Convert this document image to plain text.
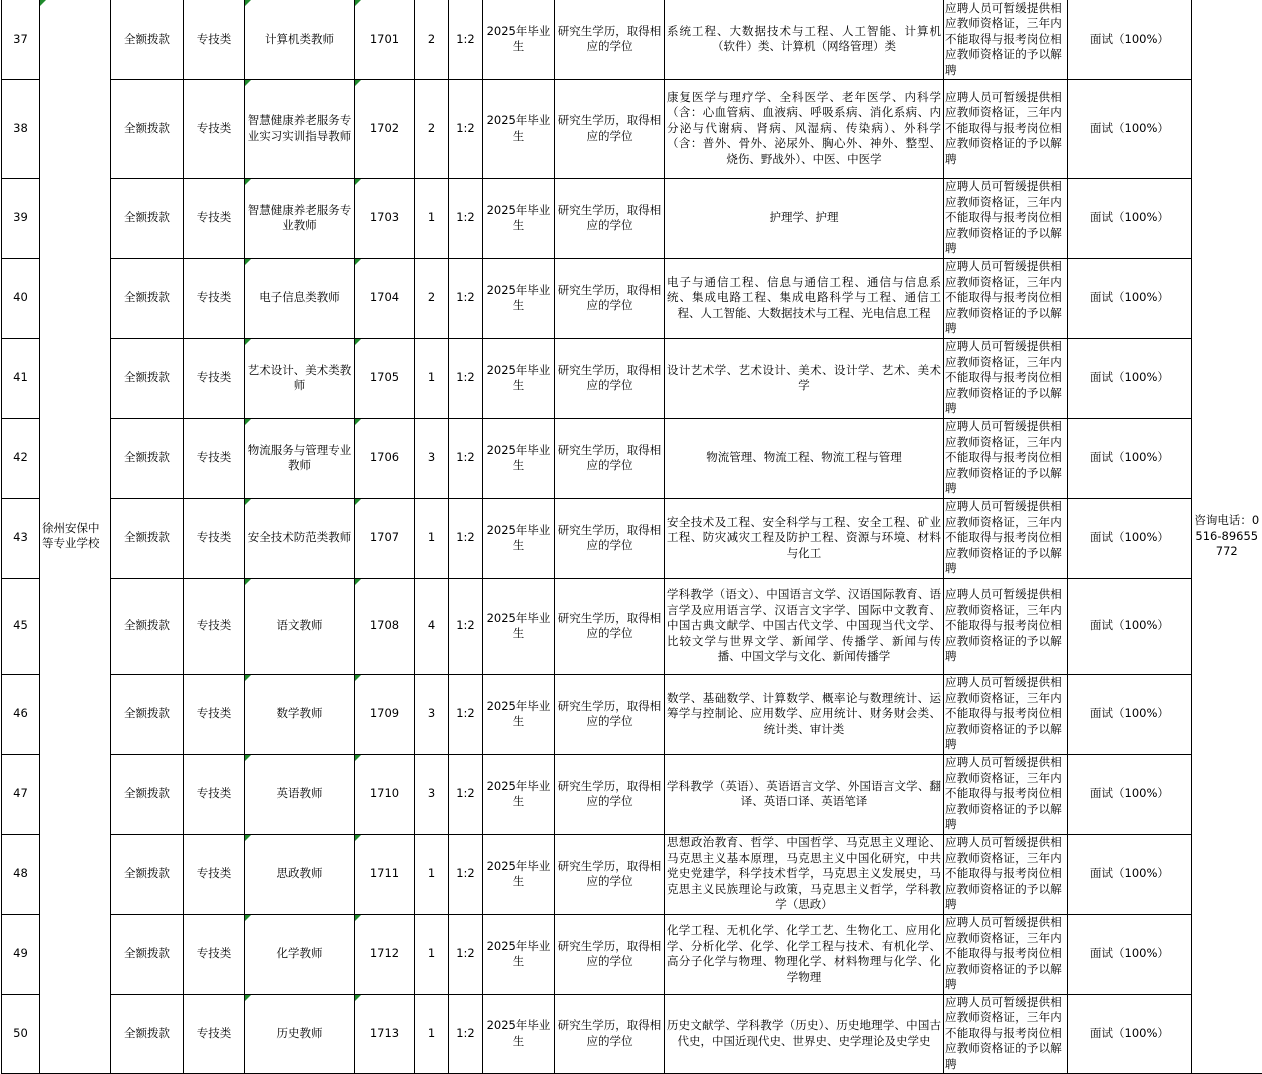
37	徐州安保中等专业学校	全额拨款	专技类	计算机类教师	1701	2	1:2	2025年毕业生	研究生学历，取得相应的学位	系统工程、大数据技术与工程、人工智能、计算机（软件）类、计算机（网络管理）类	应聘人员可暂缓提供相应教师资格证，三年内不能取得与报考岗位相应教师资格证的予以解聘	面试（100%）	咨询电话：0516-89655772
38		全额拨款	专技类	智慧健康养老服务专业实习实训指导教师	1702	2	1:2	2025年毕业生	研究生学历，取得相应的学位	康复医学与理疗学、全科医学、老年医学、内科学（含：心血管病、血液病、呼吸系病、消化系病、内分泌与代谢病、肾病、风湿病、传染病）、外科学（含：普外、骨外、泌尿外、胸心外、神外、整型、烧伤、野战外）、中医、中医学	应聘人员可暂缓提供相应教师资格证，三年内不能取得与报考岗位相应教师资格证的予以解聘	面试（100%）	
39		全额拨款	专技类	智慧健康养老服务专业教师	1703	1	1:2	2025年毕业生	研究生学历，取得相应的学位	护理学、护理	应聘人员可暂缓提供相应教师资格证，三年内不能取得与报考岗位相应教师资格证的予以解聘	面试（100%）	
40		全额拨款	专技类	电子信息类教师	1704	2	1:2	2025年毕业生	研究生学历，取得相应的学位	电子与通信工程、信息与通信工程、通信与信息系统、集成电路工程、集成电路科学与工程、通信工程、人工智能、大数据技术与工程、光电信息工程	应聘人员可暂缓提供相应教师资格证，三年内不能取得与报考岗位相应教师资格证的予以解聘	面试（100%）	
41		全额拨款	专技类	艺术设计、美术类教师	1705	1	1:2	2025年毕业生	研究生学历，取得相应的学位	设计艺术学、艺术设计、美术、设计学、艺术、美术学	应聘人员可暂缓提供相应教师资格证，三年内不能取得与报考岗位相应教师资格证的予以解聘	面试（100%）	
42		全额拨款	专技类	物流服务与管理专业教师	1706	3	1:2	2025年毕业生	研究生学历，取得相应的学位	物流管理、物流工程、物流工程与管理	应聘人员可暂缓提供相应教师资格证，三年内不能取得与报考岗位相应教师资格证的予以解聘	面试（100%）	
43		全额拨款	专技类	安全技术防范类教师	1707	1	1:2	2025年毕业生	研究生学历，取得相应的学位	安全技术及工程、安全科学与工程、安全工程、矿业工程、防灾减灾工程及防护工程、资源与环境、材料与化工	应聘人员可暂缓提供相应教师资格证，三年内不能取得与报考岗位相应教师资格证的予以解聘	面试（100%）	
45		全额拨款	专技类	语文教师	1708	4	1:2	2025年毕业生	研究生学历，取得相应的学位	学科教学（语文）、中国语言文学、汉语国际教育、语言学及应用语言学、汉语言文字学、国际中文教育、中国古典文献学、中国古代文学、中国现当代文学、比较文学与世界文学、新闻学、传播学、新闻与传播、中国文学与文化、新闻传播学	应聘人员可暂缓提供相应教师资格证，三年内不能取得与报考岗位相应教师资格证的予以解聘	面试（100%）	
46		全额拨款	专技类	数学教师	1709	3	1:2	2025年毕业生	研究生学历，取得相应的学位	数学、基础数学、计算数学、概率论与数理统计、运筹学与控制论、应用数学、应用统计、财务财会类、统计类、审计类	应聘人员可暂缓提供相应教师资格证，三年内不能取得与报考岗位相应教师资格证的予以解聘	面试（100%）	
47		全额拨款	专技类	英语教师	1710	3	1:2	2025年毕业生	研究生学历，取得相应的学位	学科教学（英语）、英语语言文学、外国语言文学、翻译、英语口译、英语笔译	应聘人员可暂缓提供相应教师资格证，三年内不能取得与报考岗位相应教师资格证的予以解聘	面试（100%）	
48		全额拨款	专技类	思政教师	1711	1	1:2	2025年毕业生	研究生学历，取得相应的学位	思想政治教育、哲学、中国哲学、马克思主义理论、马克思主义基本原理，马克思主义中国化研究，中共党史党建学，科学技术哲学，马克思主义发展史，马克思主义民族理论与政策，马克思主义哲学，学科教学（思政）	应聘人员可暂缓提供相应教师资格证，三年内不能取得与报考岗位相应教师资格证的予以解聘	面试（100%）	
49		全额拨款	专技类	化学教师	1712	1	1:2	2025年毕业生	研究生学历，取得相应的学位	化学工程、无机化学、化学工艺、生物化工、应用化学、分析化学、化学、化学工程与技术、有机化学、高分子化学与物理、物理化学、材料物理与化学、化学物理	应聘人员可暂缓提供相应教师资格证，三年内不能取得与报考岗位相应教师资格证的予以解聘	面试（100%）	
50		全额拨款	专技类	历史教师	1713	1	1:2	2025年毕业生	研究生学历，取得相应的学位	历史文献学、学科教学（历史）、历史地理学、中国古代史，中国近现代史、世界史、史学理论及史学史	应聘人员可暂缓提供相应教师资格证，三年内不能取得与报考岗位相应教师资格证的予以解聘	面试（100%）	
